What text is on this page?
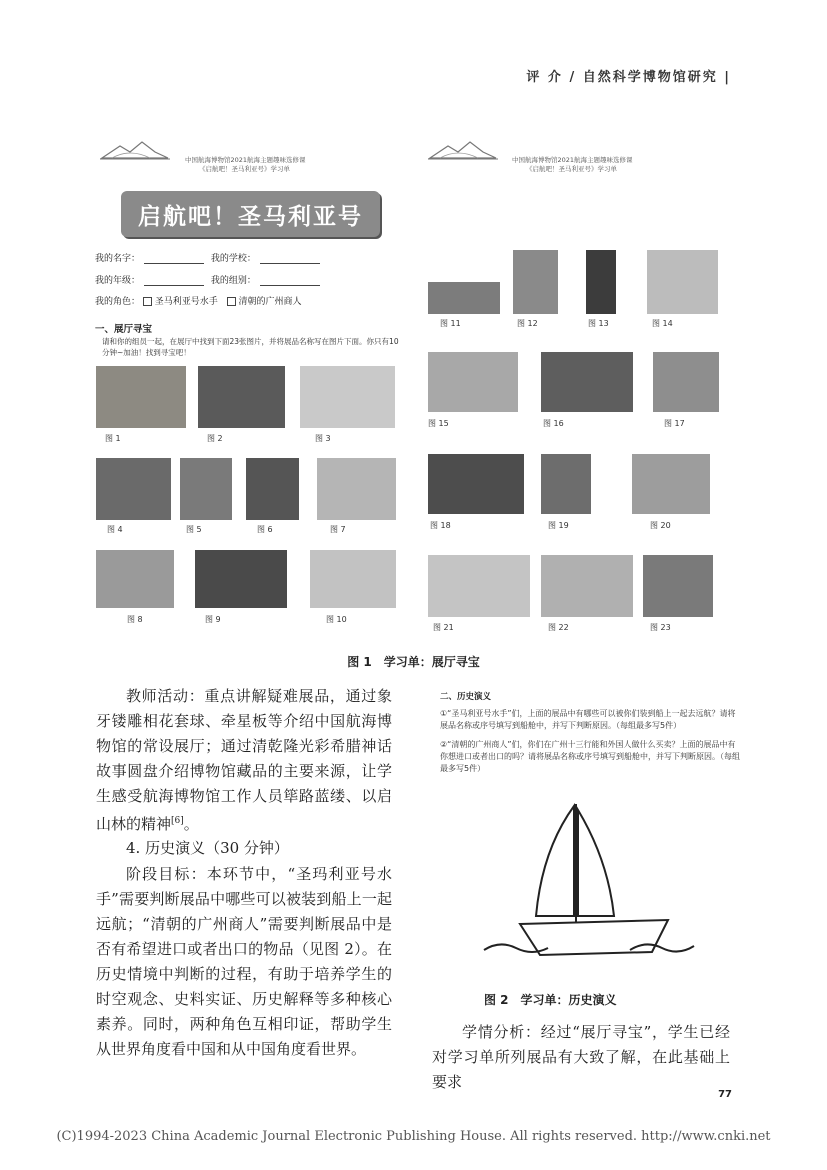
评 介 / 自然科学博物馆研究 |
中国航海博物馆2021航海主题趣味选修课
《启航吧！圣马利亚号》学习单
启航吧！圣马利亚号
我的名字：	我的学校：
我的年级：	我的组别：
我的角色： 圣马利亚号水手 清朝的广州商人
一、展厅寻宝
请和你的组员一起，在展厅中找到下面23张图片，并将展品名称写在图片下面。你只有10分钟~加油！找到寻宝吧！
图 1	图 2	图 3
图 4	图 5	图 6	图 7
图 8	图 9	图 10
中国航海博物馆2021航海主题趣味选修课
《启航吧！圣马利亚号》学习单
图 11	图 12	图 13	图 14
图 15	图 16	图 17
图 18	图 19	图 20
图 21	图 22	图 23
图 1　学习单：展厅寻宝
教师活动：重点讲解疑难展品，通过象牙镂雕相花套球、牵星板等介绍中国航海博物馆的常设展厅；通过清乾隆光彩希腊神话故事圆盘介绍博物馆藏品的主要来源，让学生感受航海博物馆工作人员筚路蓝缕、以启山林的精神[6]。
4. 历史演义（30 分钟）
阶段目标：本环节中，“圣玛利亚号水手”需要判断展品中哪些可以被装到船上一起远航；“清朝的广州商人”需要判断展品中是否有希望进口或者出口的物品（见图 2）。在历史情境中判断的过程，有助于培养学生的时空观念、史料实证、历史解释等多种核心素养。同时，两种角色互相印证，帮助学生从世界角度看中国和从中国角度看世界。
二、历史演义
①“圣马利亚号水手”们，上面的展品中有哪些可以被你们装到船上一起去远航？请将展品名称或序号填写到船舱中，并写下判断原因。（每组最多写5件）
②“清朝的广州商人”们，你们在广州十三行能和外国人做什么买卖？上面的展品中有你想进口或者出口的吗？请将展品名称或序号填写到船舱中，并写下判断原因。（每组最多写5件）
图 2　学习单：历史演义
学情分析：经过“展厅寻宝”，学生已经对学习单所列展品有大致了解，在此基础上要求
77
(C)1994-2023 China Academic Journal Electronic Publishing House. All rights reserved. http://www.cnki.net
